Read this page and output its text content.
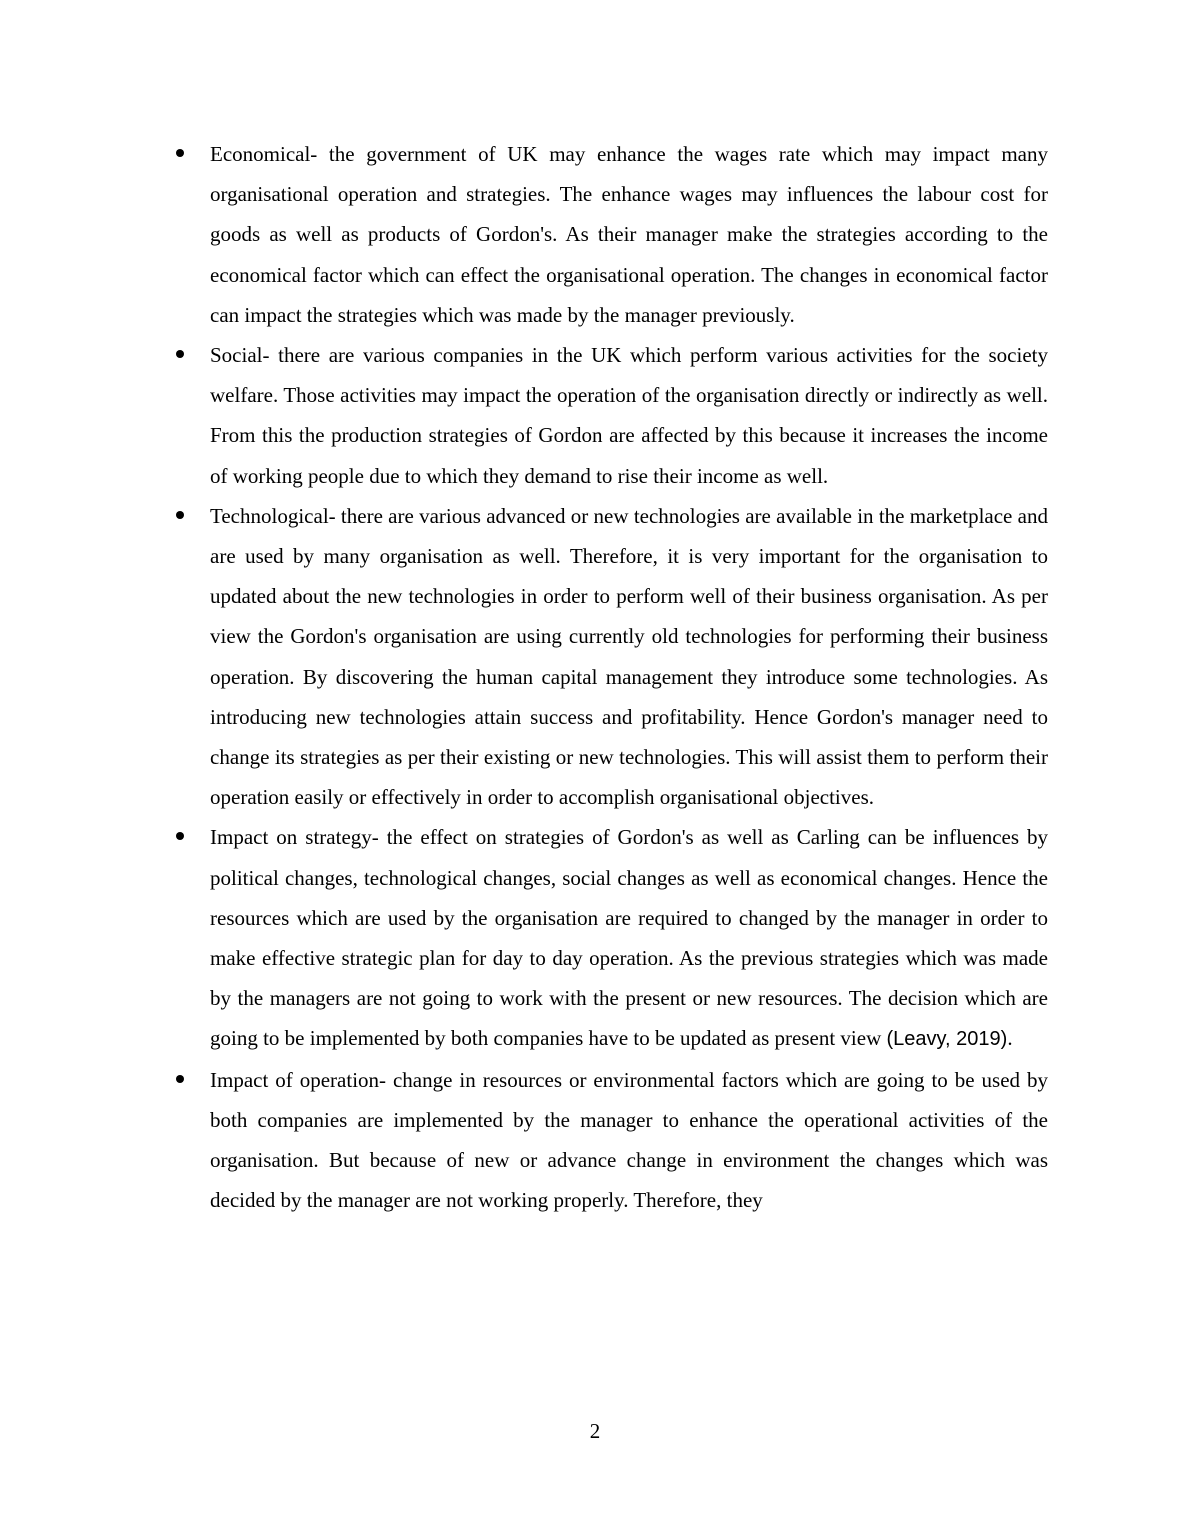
Economical- the government of UK may enhance the wages rate which may impact many organisational operation and strategies. The enhance wages may influences the labour cost for goods as well as products of Gordon's. As their manager make the strategies according to the economical factor which can effect the organisational operation. The changes in economical factor can impact the strategies which was made by the manager previously.

Social- there are various companies in the UK which perform various activities for the society welfare. Those activities may impact the operation of the organisation directly or indirectly as well. From this the production strategies of Gordon are affected by this because it increases the income of working people due to which they demand to rise their income as well.

Technological- there are various advanced or new technologies are available in the marketplace and are used by many organisation as well. Therefore, it is very important for the organisation to updated about the new technologies in order to perform well of their business organisation. As per view the Gordon's organisation are using currently old technologies for performing their business operation. By discovering the human capital management they introduce some technologies. As introducing new technologies attain success and profitability. Hence Gordon's manager need to change its strategies as per their existing or new technologies. This will assist them to perform their operation easily or effectively in order to accomplish organisational objectives.

Impact on strategy- the effect on strategies of Gordon's as well as Carling can be influences by political changes, technological changes, social changes as well as economical changes. Hence the resources which are used by the organisation are required to changed by the manager in order to make effective strategic plan for day to day operation. As the previous strategies which was made by the managers are not going to work with the present or new resources. The decision which are going to be implemented by both companies have to be updated as present view (Leavy, 2019).

Impact of operation- change in resources or environmental factors which are going to be used by both companies are implemented by the manager to enhance the operational activities of the organisation. But because of new or advance change in environment the changes which was decided by the manager are not working properly. Therefore, they

2
